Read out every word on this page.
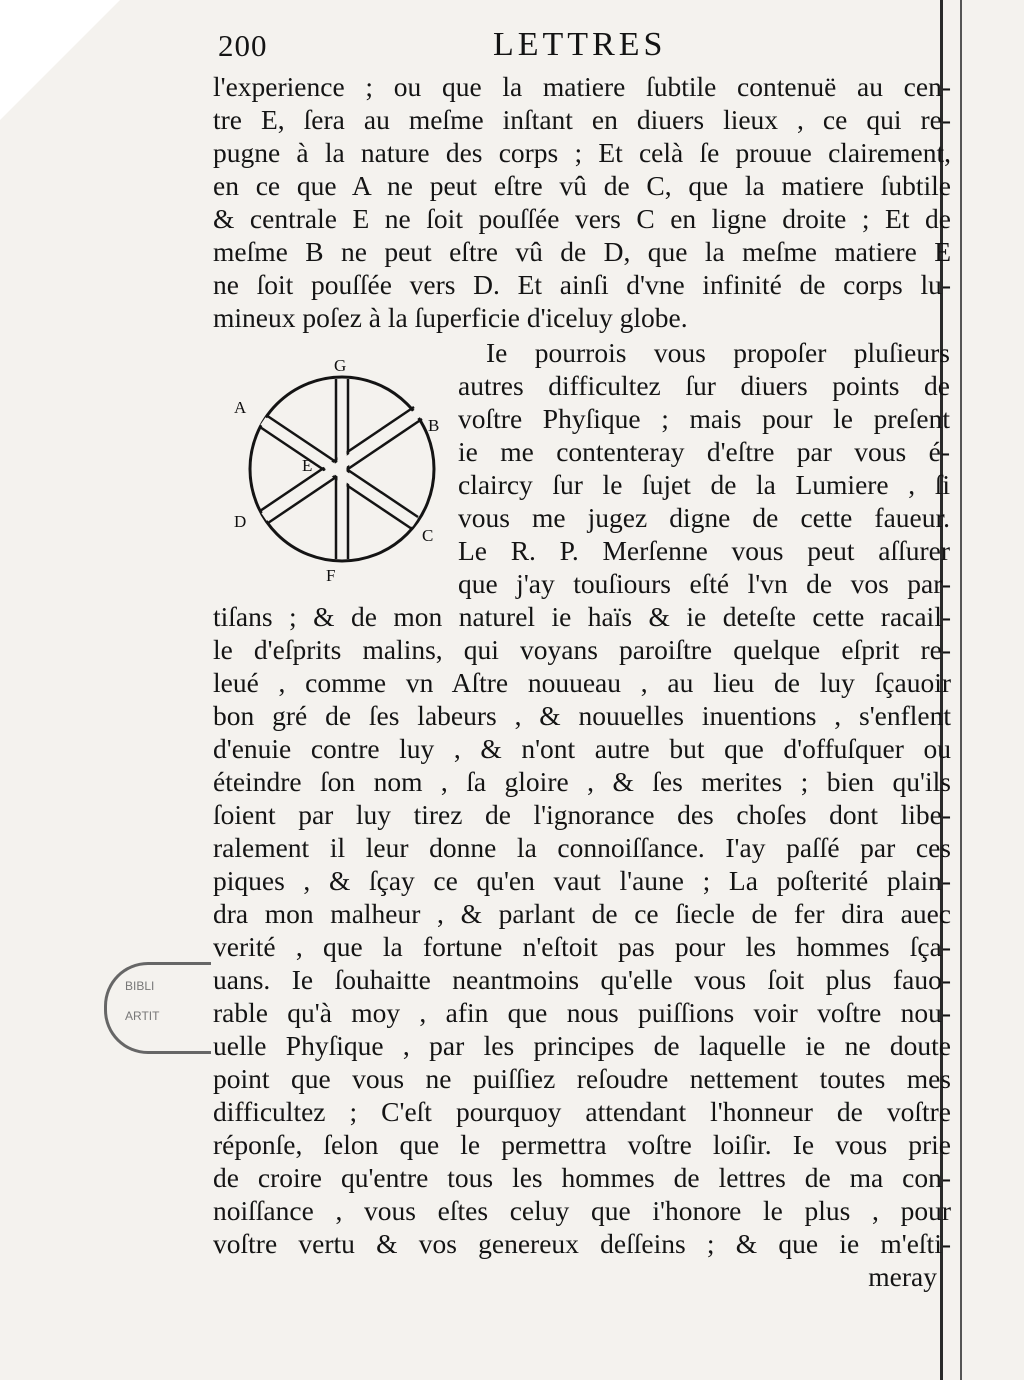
200	LETTRES
l'experience ; ou que la matiere ſubtile contenuë au cen-
tre E, ſera au meſme inſtant en diuers lieux , ce qui re-
pugne à la nature des corps ; Et celà ſe prouue clairement,
en ce que A ne peut eſtre vû de C, que la matiere ſubtile
& centrale E ne ſoit pouſſée vers C en ligne droite ; Et de
meſme B ne peut eſtre vû de D, que la meſme matiere E
ne ſoit pouſſée vers D. Et ainſi d'vne infinité de corps lu-
mineux poſez à la ſuperficie d'iceluy globe.
G
A
B
E
D
C
F
Ie pourrois vous propoſer pluſieurs
autres difficultez ſur diuers points de
voſtre Phyſique ; mais pour le preſent
ie me contenteray d'eſtre par vous é-
claircy ſur le ſujet de la Lumiere , ſi
vous me jugez digne de cette faueur.
Le R. P. Merſenne vous peut aſſurer
que j'ay touſiours eſté l'vn de vos par-
tiſans ; & de mon naturel ie haïs & ie deteſte cette racail-
le d'eſprits malins, qui voyans paroiſtre quelque eſprit re-
leué , comme vn Aſtre nouueau , au lieu de luy ſçauoir
bon gré de ſes labeurs , & nouuelles inuentions , s'enflent
d'enuie contre luy , & n'ont autre but que d'offuſquer ou
éteindre ſon nom , ſa gloire , & ſes merites ; bien qu'ils
ſoient par luy tirez de l'ignorance des choſes dont libe-
ralement il leur donne la connoiſſance. I'ay paſſé par ces
piques , & ſçay ce qu'en vaut l'aune ; La poſterité plain-
dra mon malheur , & parlant de ce ſiecle de fer dira auec
verité , que la fortune n'eſtoit pas pour les hommes ſça-
uans. Ie ſouhaitte neantmoins qu'elle vous ſoit plus fauo-
rable qu'à moy , afin que nous puiſſions voir voſtre nou-
uelle Phyſique , par les principes de laquelle ie ne doute
point que vous ne puiſſiez reſoudre nettement toutes mes
difficultez ; C'eſt pourquoy attendant l'honneur de voſtre
réponſe, ſelon que le permettra voſtre loiſir. Ie vous prie
de croire qu'entre tous les hommes de lettres de ma con-
noiſſance , vous eſtes celuy que i'honore le plus , pour
voſtre vertu & vos genereux deſſeins ; & que ie m'eſti-
meray
BIBLI
ARTIT
